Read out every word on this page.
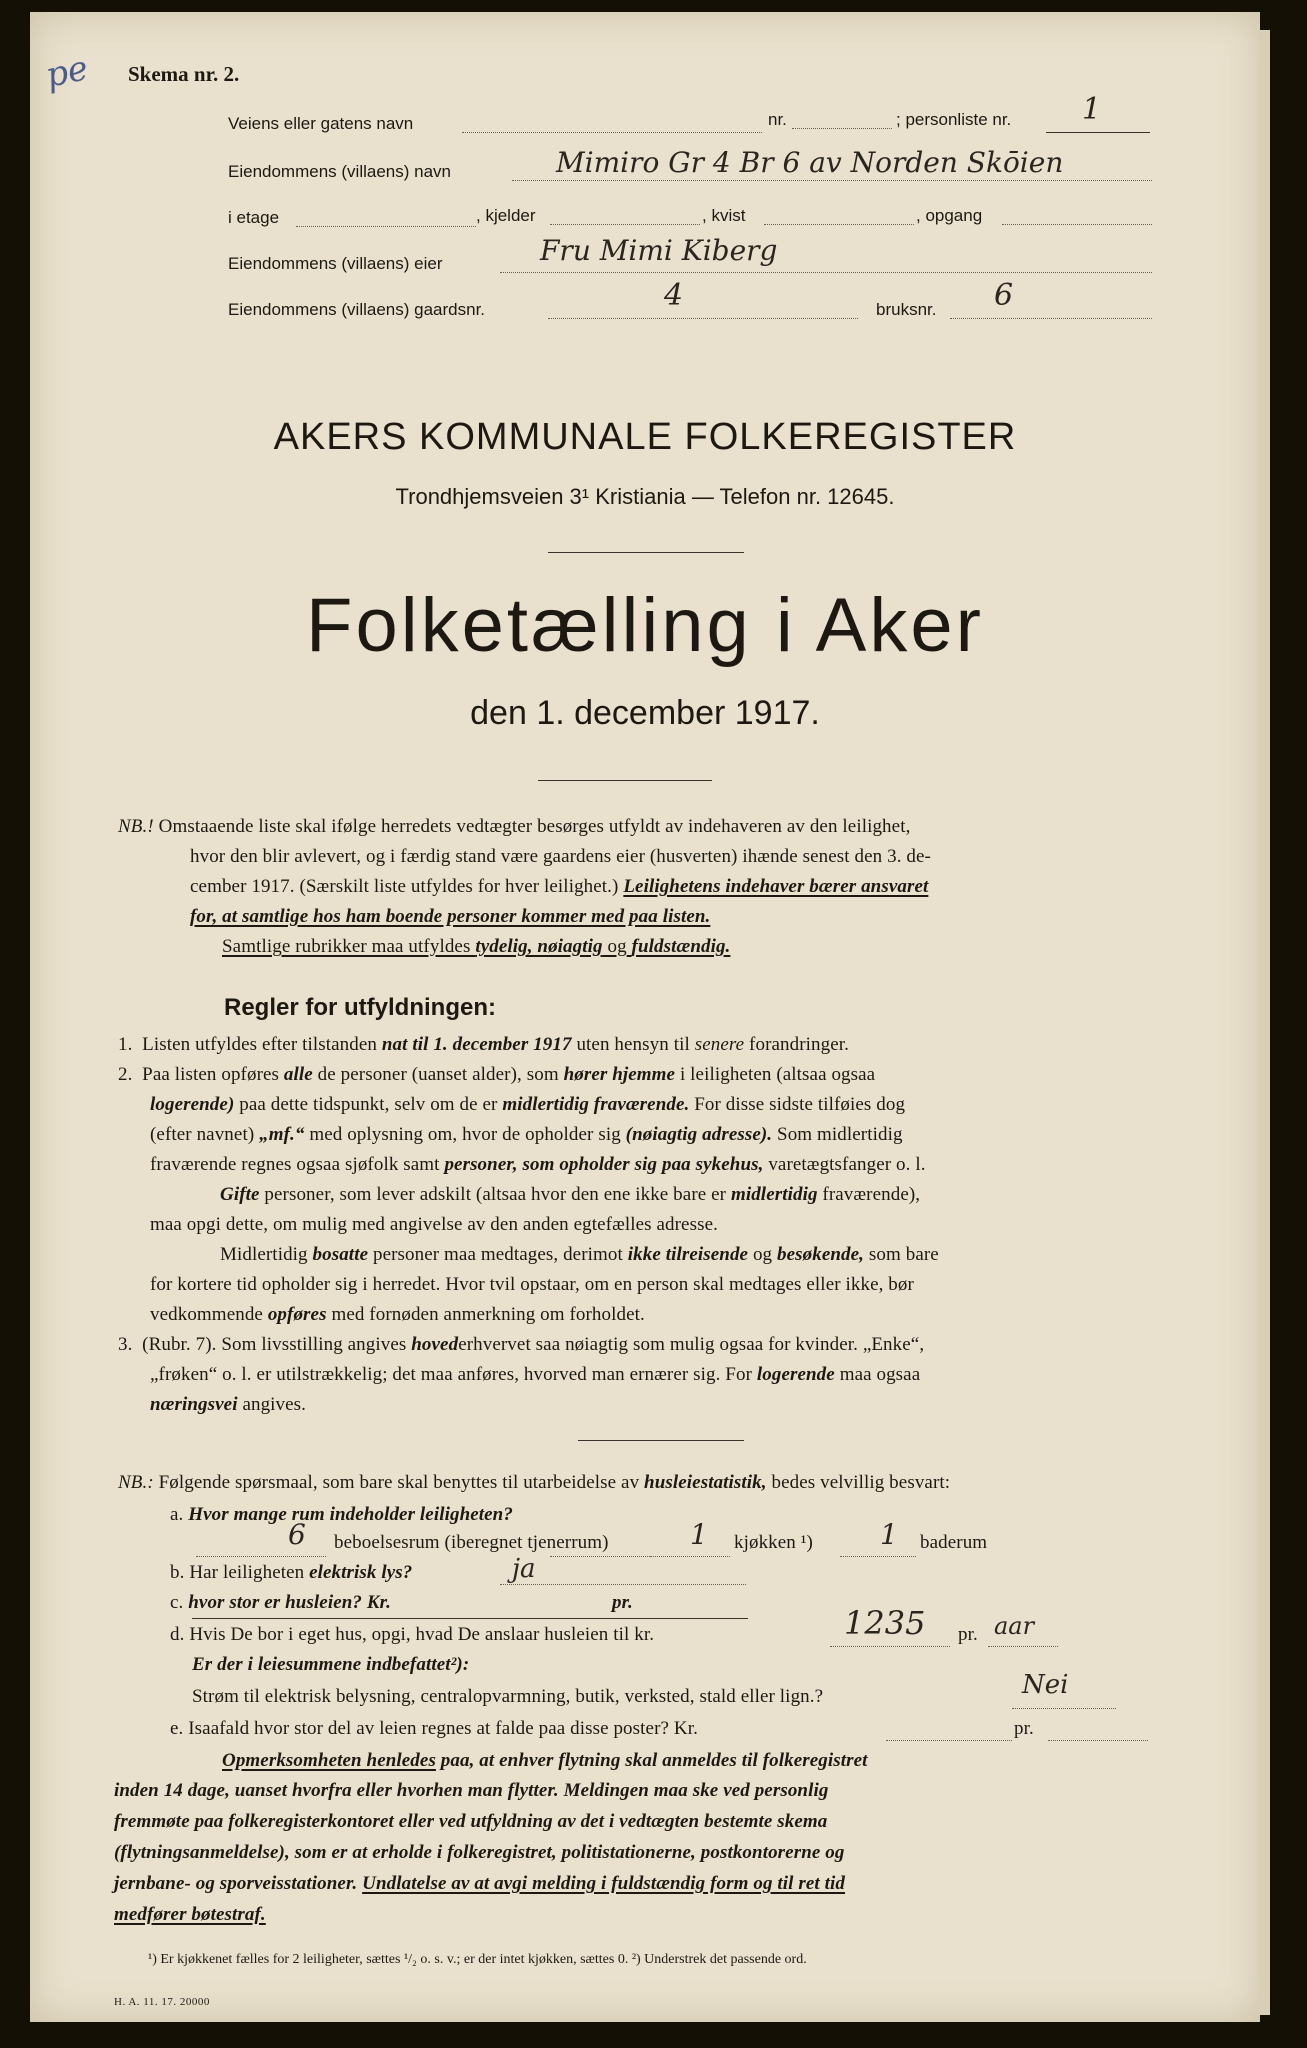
pe Skema nr. 2.
Veiens eller gatens navn	nr.	; personliste nr. 1
Eiendommens (villaens) navn	Mimiro Gr 4 Br 6 av Norden Skōien
i etage	, kjelder	, kvist	, opgang
Eiendommens (villaens) eier	Fru Mimi Kiberg
Eiendommens (villaens) gaardsnr.	4	bruksnr. 6
AKERS KOMMUNALE FOLKEREGISTER
Trondhjemsveien 3¹ Kristiania — Telefon nr. 12645.
Folketælling i Aker
den 1. december 1917.
NB.! Omstaaende liste skal ifølge herredets vedtægter besørges utfyldt av indehaveren av den leilighet,
hvor den blir avlevert, og i færdig stand være gaardens eier (husverten) ihænde senest den 3. de-
cember 1917. (Særskilt liste utfyldes for hver leilighet.) Leilighetens indehaver bærer ansvaret
for, at samtlige hos ham boende personer kommer med paa listen.
Samtlige rubrikker maa utfyldes tydelig, nøiagtig og fuldstændig.
Regler for utfyldningen:
1. Listen utfyldes efter tilstanden nat til 1. december 1917 uten hensyn til senere forandringer.
2. Paa listen opføres alle de personer (uanset alder), som hører hjemme i leiligheten (altsaa ogsaa
logerende) paa dette tidspunkt, selv om de er midlertidig fraværende. For disse sidste tilføies dog
(efter navnet) „mf.“ med oplysning om, hvor de opholder sig (nøiagtig adresse). Som midlertidig
fraværende regnes ogsaa sjøfolk samt personer, som opholder sig paa sykehus, varetægtsfanger o. l.
Gifte personer, som lever adskilt (altsaa hvor den ene ikke bare er midlertidig fraværende),
maa opgi dette, om mulig med angivelse av den anden egtefælles adresse.
Midlertidig bosatte personer maa medtages, derimot ikke tilreisende og besøkende, som bare
for kortere tid opholder sig i herredet. Hvor tvil opstaar, om en person skal medtages eller ikke, bør
vedkommende opføres med fornøden anmerkning om forholdet.
3. (Rubr. 7). Som livsstilling angives hovederhvervet saa nøiagtig som mulig ogsaa for kvinder. „Enke“,
„frøken“ o. l. er utilstrækkelig; det maa anføres, hvorved man ernærer sig. For logerende maa ogsaa
næringsvei angives.
NB.: Følgende spørsmaal, som bare skal benyttes til utarbeidelse av husleiestatistik, bedes velvillig besvart:
a. Hvor mange rum indeholder leiligheten?
6 beboelsesrum (iberegnet tjenerrum)	1 kjøkken ¹) 1 baderum
b. Har leiligheten elektrisk lys?	ja
c. hvor stor er husleien? Kr.	pr.
d. Hvis De bor i eget hus, opgi, hvad De anslaar husleien til kr.	1235 pr. aar
Er der i leiesummene indbefattet²):
Strøm til elektrisk belysning, centralopvarmning, butik, verksted, stald eller lign.?	Nei
e. Isaafald hvor stor del av leien regnes at falde paa disse poster? Kr.	pr.
Opmerksomheten henledes paa, at enhver flytning skal anmeldes til folkeregistret
inden 14 dage, uanset hvorfra eller hvorhen man flytter. Meldingen maa ske ved personlig
fremmøte paa folkeregisterkontoret eller ved utfyldning av det i vedtægten bestemte skema
(flytningsanmeldelse), som er at erholde i folkeregistret, politistationerne, postkontorerne og
jernbane- og sporveisstationer. Undlatelse av at avgi melding i fuldstændig form og til ret tid
medfører bøtestraf.
¹) Er kjøkkenet fælles for 2 leiligheter, sættes ¹/₂ o. s. v.; er der intet kjøkken, sættes 0. ²) Understrek det passende ord.
H. A. 11. 17. 20000
